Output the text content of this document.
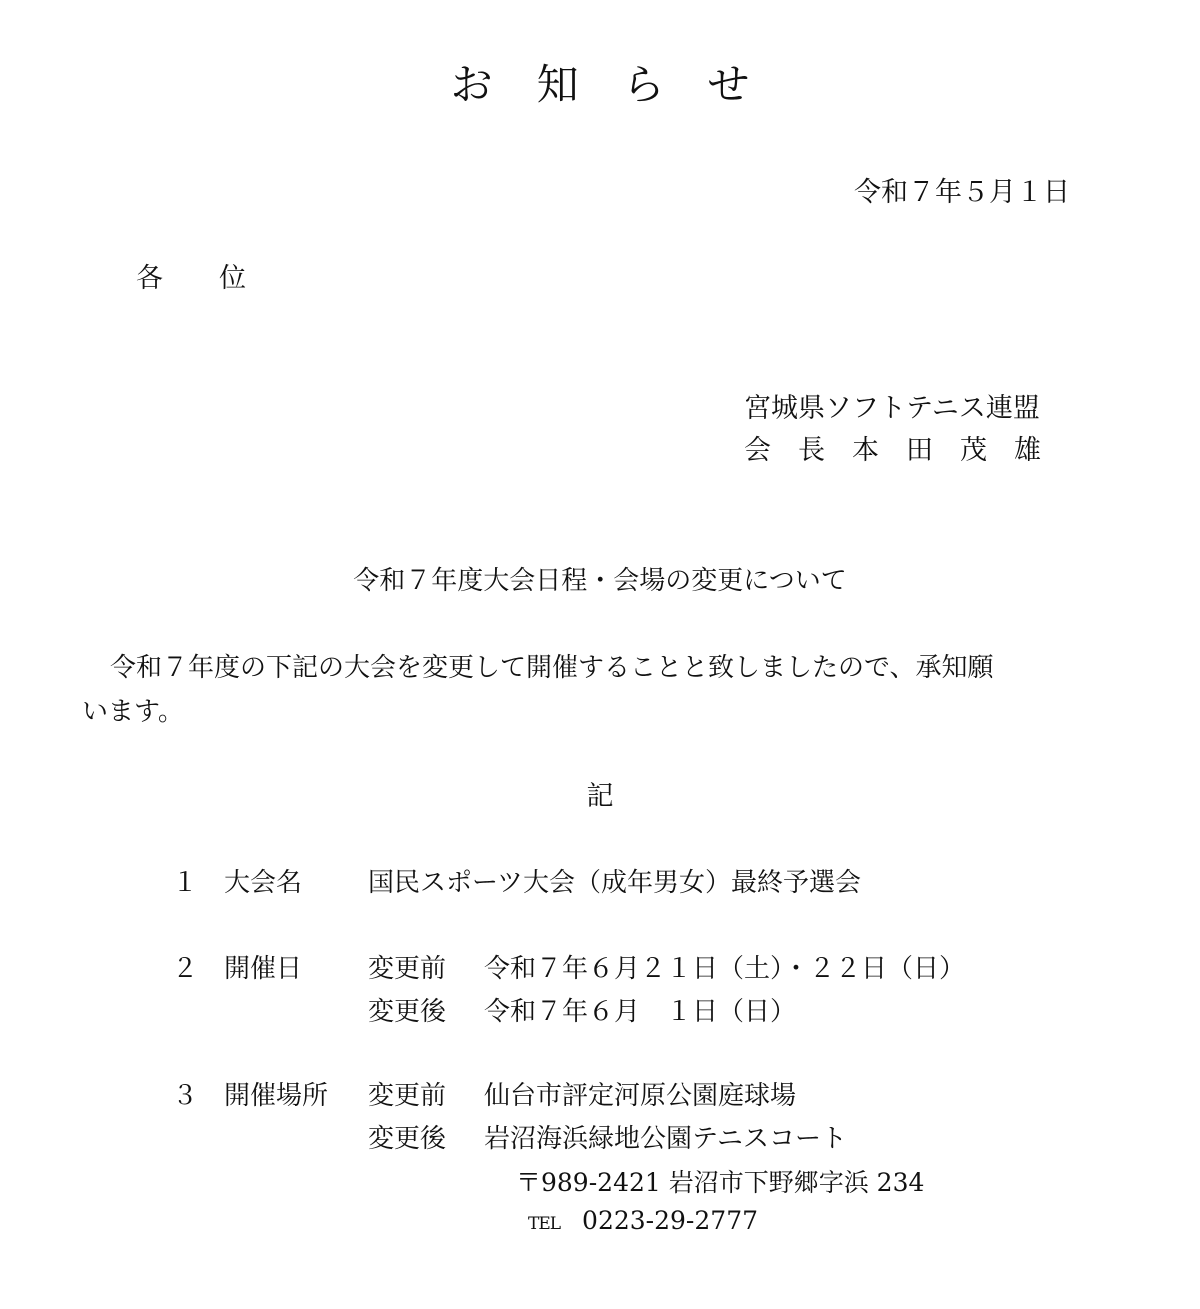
お知らせ
令和７年５月１日
各 位
宮城県ソフトテニス連盟
会長本田茂雄
令和７年度大会日程・会場の変更について
令和７年度の下記の大会を変更して開催することと致しましたので、承知願
います。
記
１ 大会名	国民スポーツ大会（成年男女）最終予選会
２ 開催日	変更前 令和７年６月２１日（土）・２２日（日）
変更後 令和７年６月　１日（日）
３ 開催場所 変更前 仙台市評定河原公園庭球場
変更後 岩沼海浜緑地公園テニスコート
〒989-2421 岩沼市下野郷字浜 234
TEL 0223-29-2777
